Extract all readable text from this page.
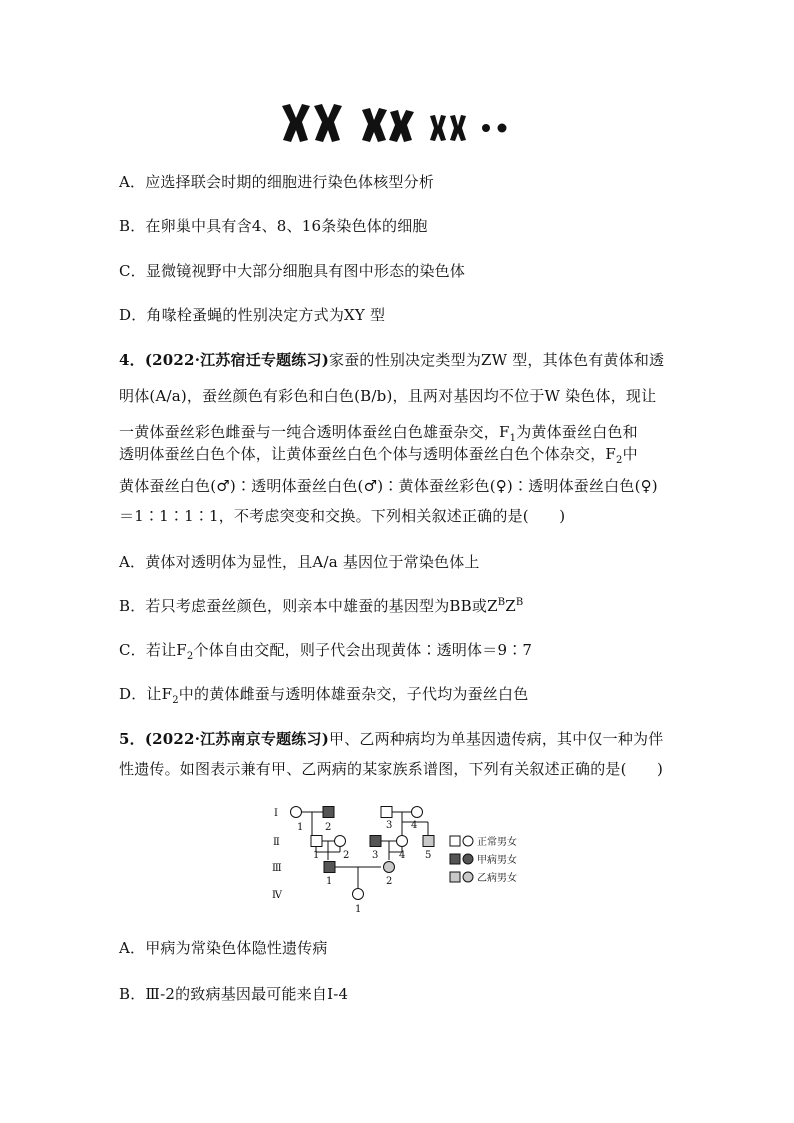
A．应选择联会时期的细胞进行染色体核型分析
B．在卵巢中具有含4、8、16条染色体的细胞
C．显微镜视野中大部分细胞具有图中形态的染色体
D．角喙栓蚤蝇的性别决定方式为XY 型
4．(2022·江苏宿迁专题练习)家蚕的性别决定类型为ZW 型，其体色有黄体和透
明体(A/a)，蚕丝颜色有彩色和白色(B/b)，且两对基因均不位于W 染色体，现让
一黄体蚕丝彩色雌蚕与一纯合透明体蚕丝白色雄蚕杂交，$F_1$为黄体蚕丝白色和
透明体蚕丝白色个体，让黄体蚕丝白色个体与透明体蚕丝白色个体杂交，$F_2$中
黄体蚕丝白色(♂)∶透明体蚕丝白色(♂)∶黄体蚕丝彩色(♀)∶透明体蚕丝白色(♀)
＝1∶1∶1∶1，不考虑突变和交换。下列相关叙述正确的是(　　)
A．黄体对透明体为显性，且A/a 基因位于常染色体上
B．若只考虑蚕丝颜色，则亲本中雄蚕的基因型为BB或$Z^BZ^B$
C．若让$F_2$个体自由交配，则子代会出现黄体∶透明体＝9∶7
D．让$F_2$中的黄体雌蚕与透明体雄蚕杂交，子代均为蚕丝白色
5．(2022·江苏南京专题练习)甲、乙两种病均为单基因遗传病，其中仅一种为伴
性遗传。如图表示兼有甲、乙两病的某家族系谱图，下列有关叙述正确的是(　　)
Ⅰ
Ⅱ
Ⅲ
Ⅳ
1 2	3 4
1 2 3 4 5
1	2
1
正常男女
甲病男女
乙病男女
A．甲病为常染色体隐性遗传病
B．Ⅲ-2的致病基因最可能来自Ⅰ-4
